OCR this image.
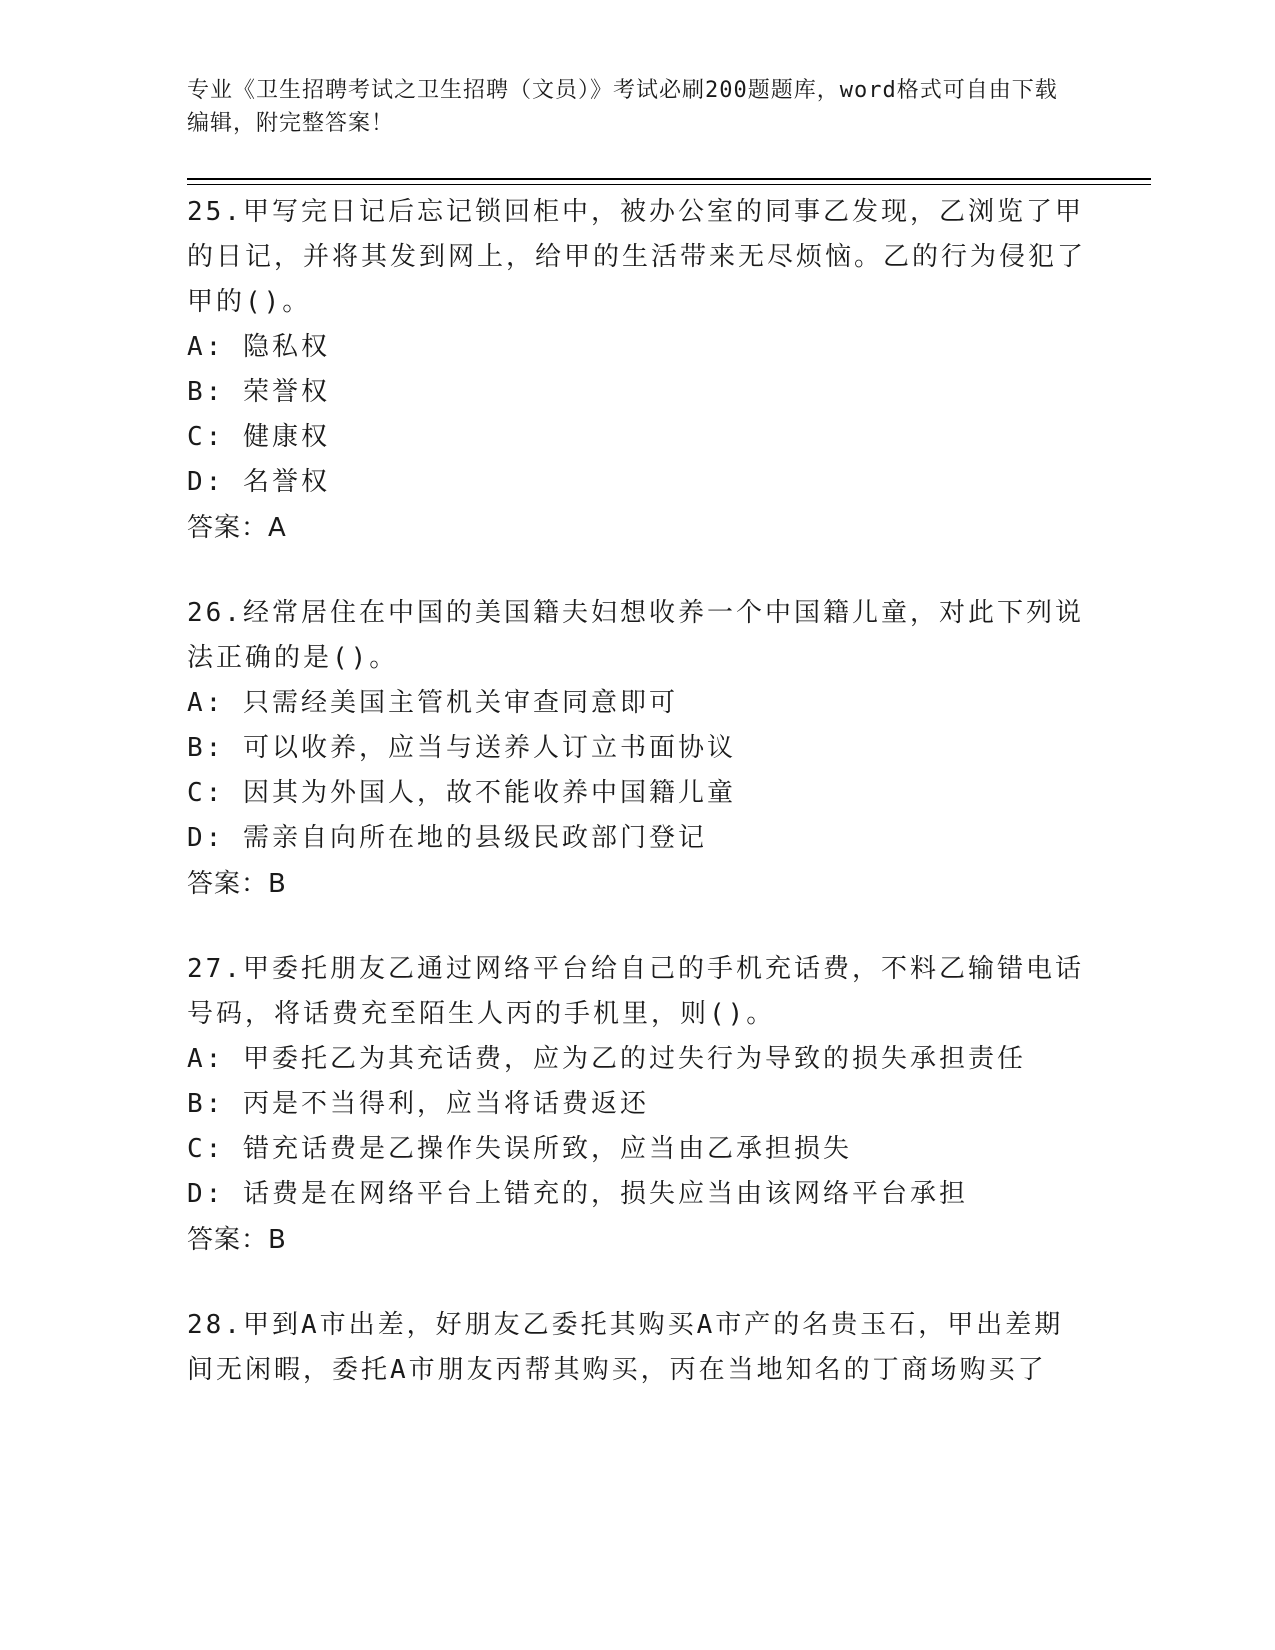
专业《卫生招聘考试之卫生招聘（文员）》考试必刷200题题库，word格式可自由下载编辑，附完整答案！
25.甲写完日记后忘记锁回柜中，被办公室的同事乙发现，乙浏览了甲的日记，并将其发到网上，给甲的生活带来无尽烦恼。乙的行为侵犯了甲的()。
A: 隐私权
B: 荣誉权
C: 健康权
D: 名誉权
答案：A
26.经常居住在中国的美国籍夫妇想收养一个中国籍儿童，对此下列说法正确的是()。
A: 只需经美国主管机关审查同意即可
B: 可以收养，应当与送养人订立书面协议
C: 因其为外国人，故不能收养中国籍儿童
D: 需亲自向所在地的县级民政部门登记
答案：B
27.甲委托朋友乙通过网络平台给自己的手机充话费，不料乙输错电话号码，将话费充至陌生人丙的手机里，则()。
A: 甲委托乙为其充话费，应为乙的过失行为导致的损失承担责任
B: 丙是不当得利，应当将话费返还
C: 错充话费是乙操作失误所致，应当由乙承担损失
D: 话费是在网络平台上错充的，损失应当由该网络平台承担
答案：B
28.甲到A市出差，好朋友乙委托其购买A市产的名贵玉石，甲出差期间无闲暇，委托A市朋友丙帮其购买，丙在当地知名的丁商场购买了
